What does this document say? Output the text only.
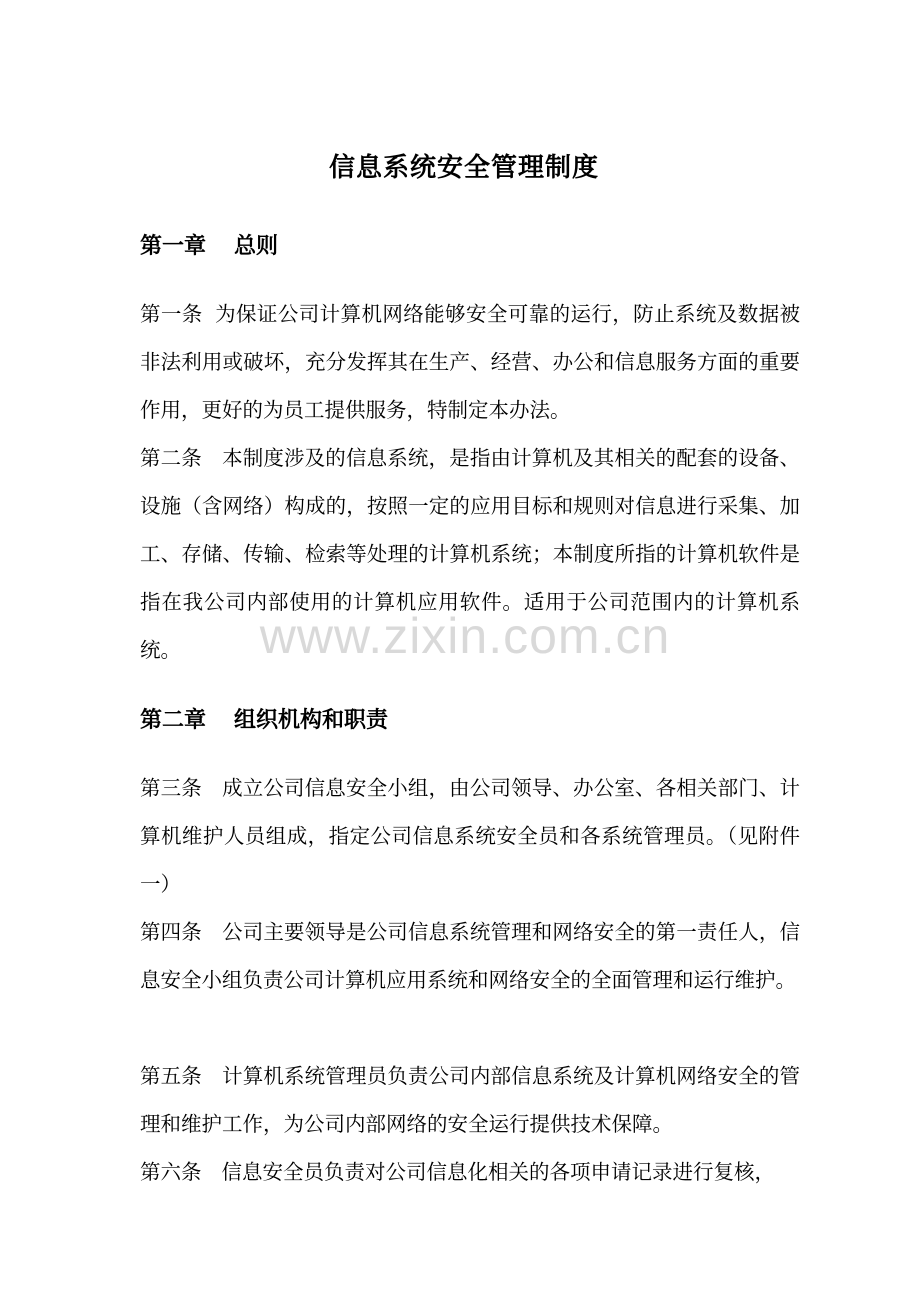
信息系统安全管理制度
第一章 总则

第一条 为保证公司计算机网络能够安全可靠的运行，防止系统及数据被非法利用或破坏，充分发挥其在生产、经营、办公和信息服务方面的重要作用，更好的为员工提供服务，特制定本办法。

第二条 本制度涉及的信息系统，是指由计算机及其相关的配套的设备、设施（含网络）构成的，按照一定的应用目标和规则对信息进行采集、加工、存储、传输、检索等处理的计算机系统；本制度所指的计算机软件是指在我公司内部使用的计算机应用软件。适用于公司范围内的计算机系统。

第二章 组织机构和职责

第三条 成立公司信息安全小组，由公司领导、办公室、各相关部门、计算机维护人员组成，指定公司信息系统安全员和各系统管理员。（见附件一）

第四条 公司主要领导是公司信息系统管理和网络安全的第一责任人，信息安全小组负责公司计算机应用系统和网络安全的全面管理和运行维护。

第五条 计算机系统管理员负责公司内部信息系统及计算机网络安全的管理和维护工作，为公司内部网络的安全运行提供技术保障。

第六条 信息安全员负责对公司信息化相关的各项申请记录进行复核，

www.zixin.com.cn
